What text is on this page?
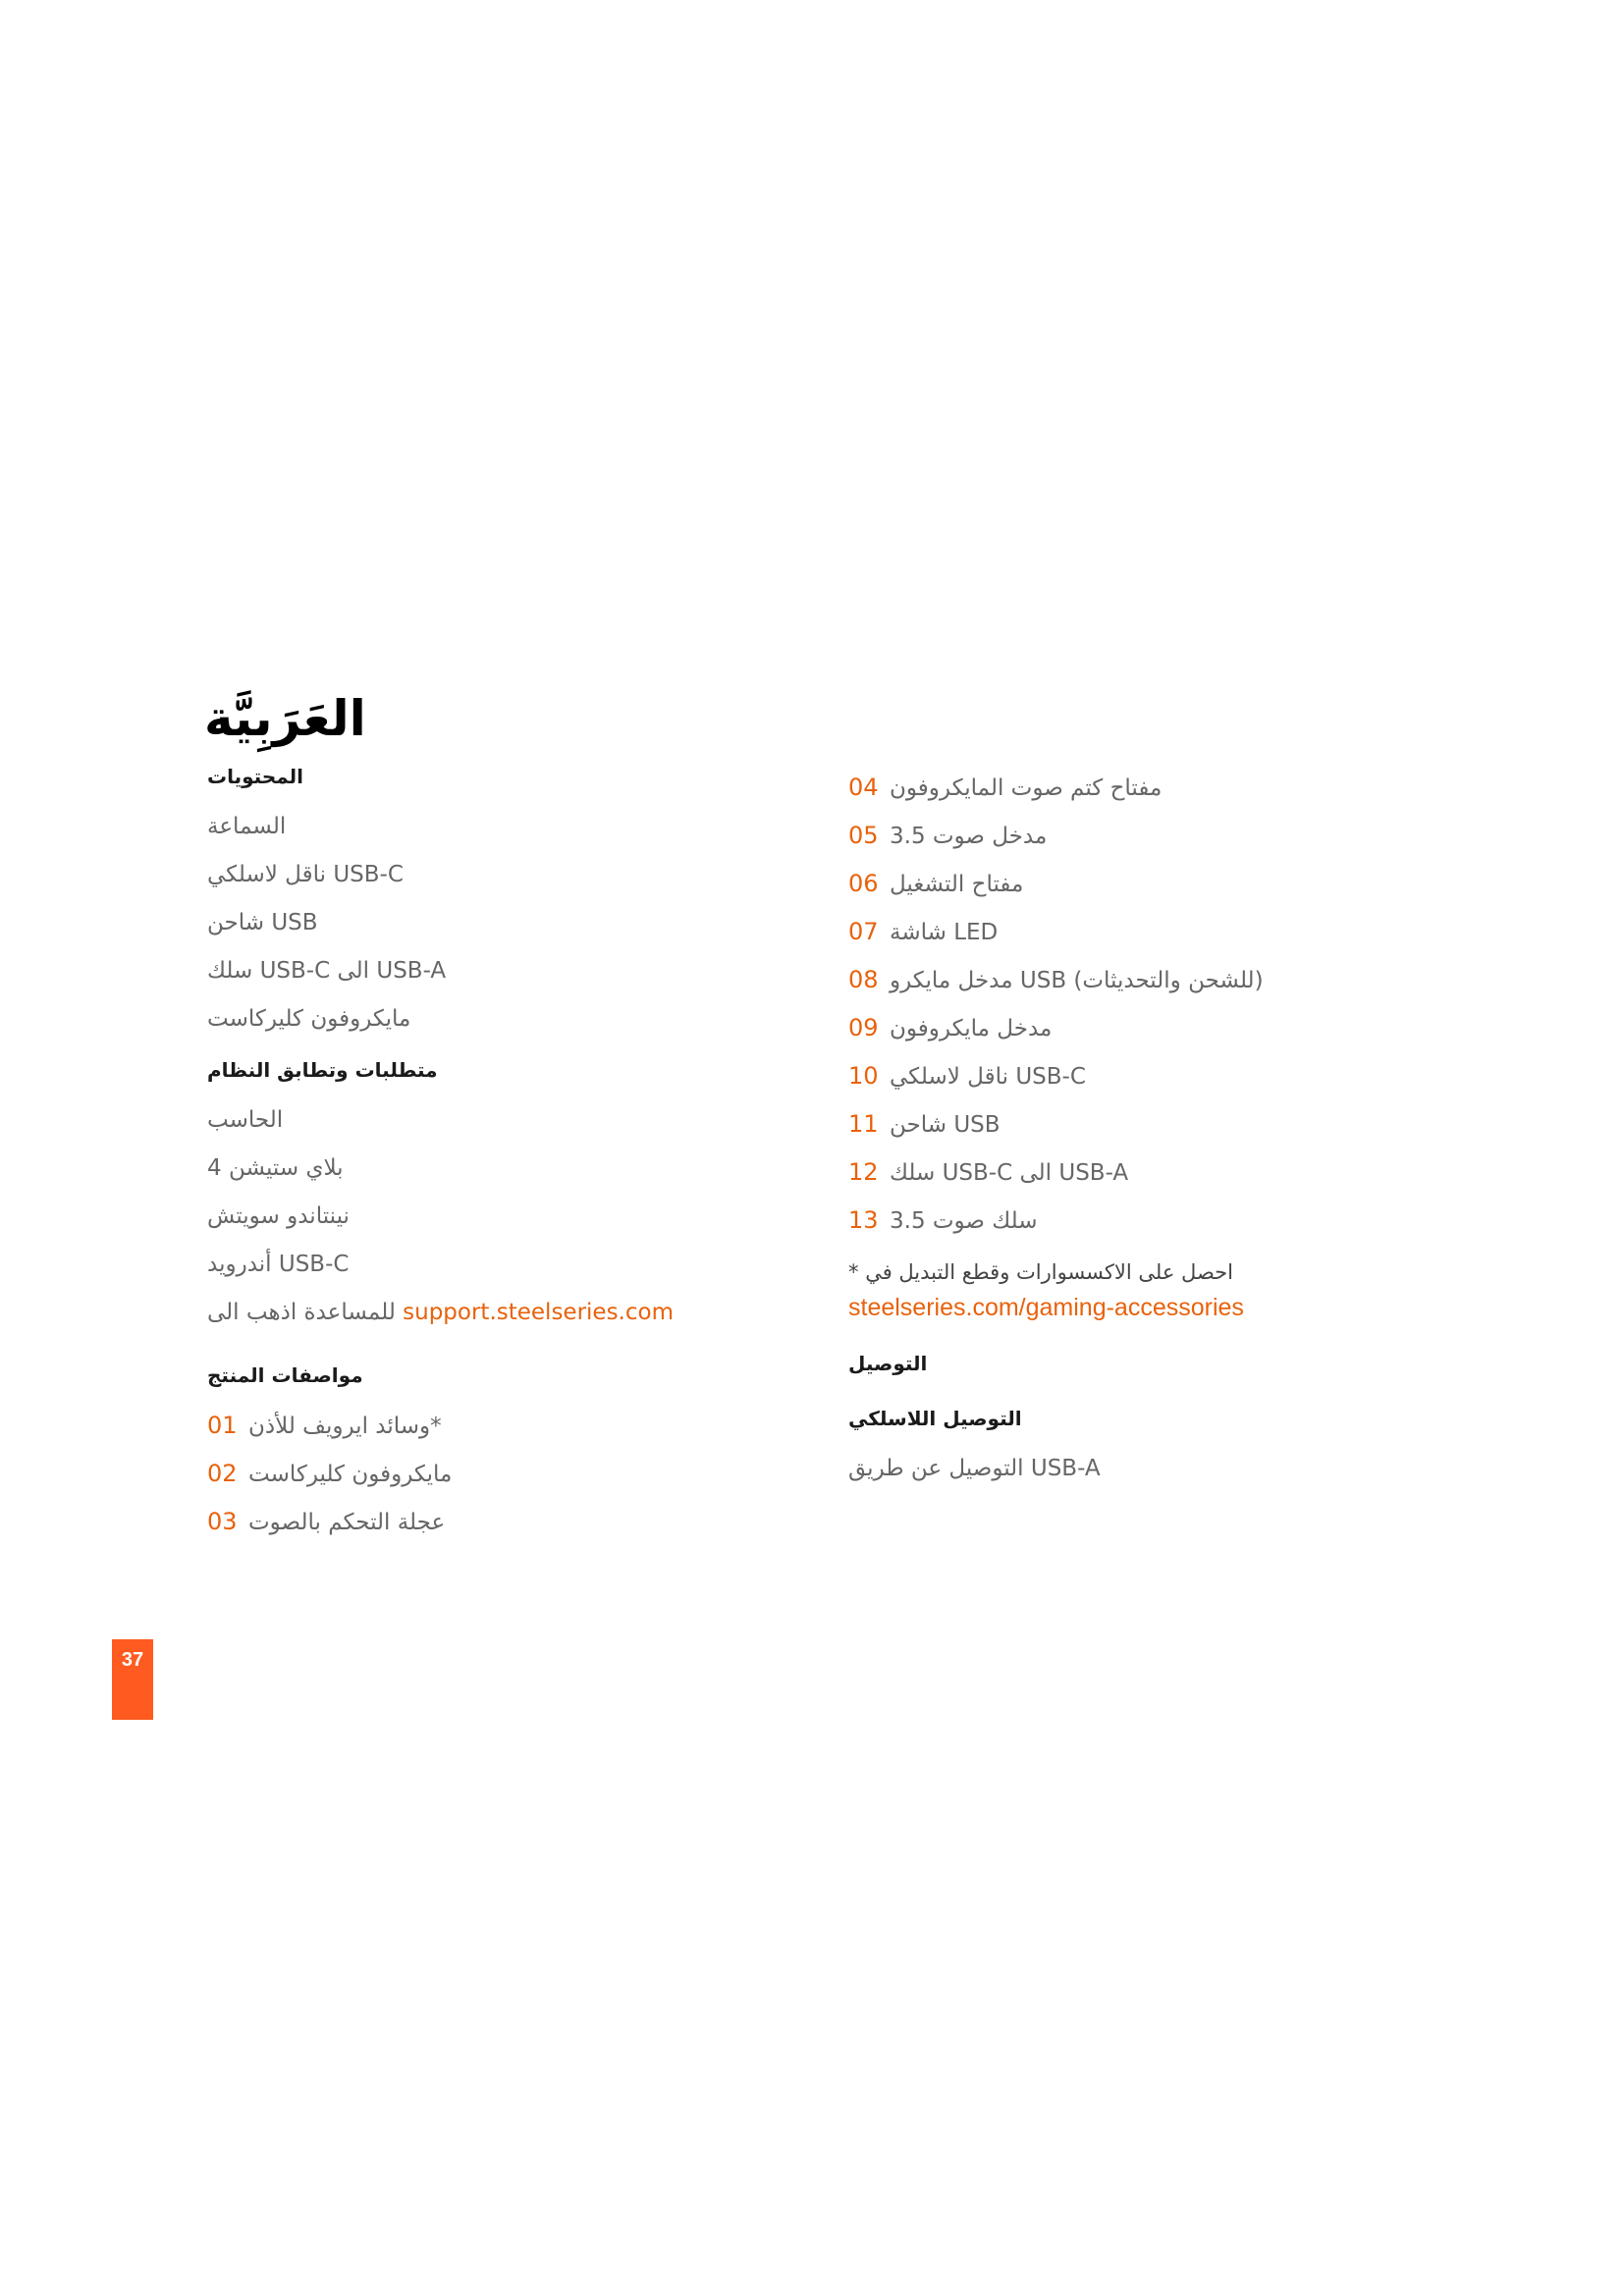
العَرَبِيَّة

المحتويات

السماعة

ناقل لاسلكي USB-C

شاحن USB

سلك USB-C الى USB-A

مايكروفون كليركاست

متطلبات وتطابق النظام

الحاسب

بلاي ستيشن 4

نينتاندو سويتش

أندرويد USB-C

للمساعدة اذهب الى support.steelseries.com

مواصفات المنتج

01 وسائد ايرويف للأذن*

02 مايكروفون كليركاست

03 عجلة التحكم بالصوت

04 مفتاح كتم صوت المايكروفون

05 3.5 مدخل صوت

06 مفتاح التشغيل

07 شاشة LED

08 مدخل مايكرو USB (للشحن والتحديثات)

09 مدخل مايكروفون

10 ناقل لاسلكي USB-C

11 شاحن USB

12 سلك USB-C الى USB-A

13 سلك صوت 3.5

* احصل على الاكسسوارات وقطع التبديل في

steelseries.com/gaming-accessories

التوصيل

التوصيل اللاسلكي

التوصيل عن طريق USB-A

37
